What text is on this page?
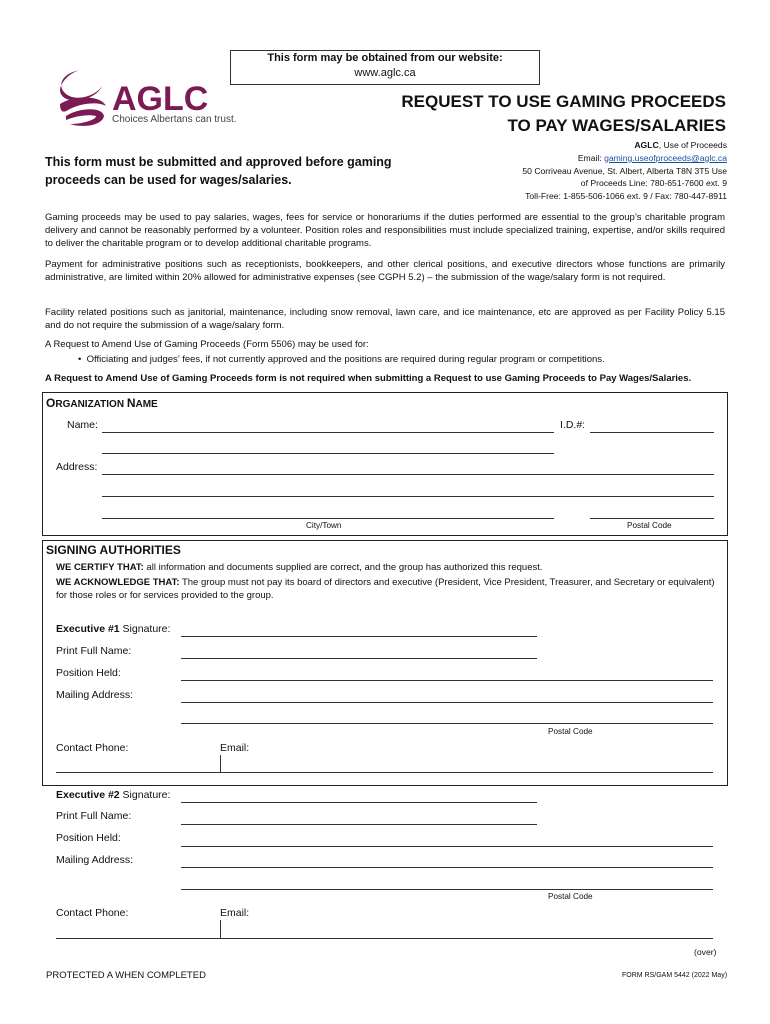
This form may be obtained from our website:
www.aglc.ca
AGLC
Choices Albertans can trust.
REQUEST TO USE GAMING PROCEEDS
TO PAY WAGES/SALARIES
AGLC, Use of Proceeds
Email: gaming.useofproceeds@aglc.ca
50 Corriveau Avenue, St. Albert, Alberta T8N 3T5 Use
of Proceeds Line: 780-651-7600 ext. 9
Toll-Free: 1-855-506-1066 ext. 9 / Fax: 780-447-8911
This form must be submitted and approved before gaming proceeds can be used for wages/salaries.
Gaming proceeds may be used to pay salaries, wages, fees for service or honorariums if the duties performed are essential to the group’s charitable program delivery and cannot be reasonably performed by a volunteer. Position roles and responsibilities must include specialized training, expertise, and/or skills required to deliver the charitable program or to develop additional charitable programs.
Payment for administrative positions such as receptionists, bookkeepers, and other clerical positions, and executive directors whose functions are primarily administrative, are limited within 20% allowed for administrative expenses (see CGPH 5.2) – the submission of the wage/salary form is not required.
Facility related positions such as janitorial, maintenance, including snow removal, lawn care, and ice maintenance, etc are approved as per Facility Policy 5.15 and do not require the submission of a wage/salary form.
A Request to Amend Use of Gaming Proceeds (Form 5506) may be used for:
•  Officiating and judges’ fees, if not currently approved and the positions are required during regular program or competitions.
A Request to Amend Use of Gaming Proceeds form is not required when submitting a Request to use Gaming Proceeds to Pay Wages/Salaries.
ORGANIZATION NAME
Name:	I.D.#:
Address:
City/Town	Postal Code
SIGNING AUTHORITIES
WE CERTIFY THAT: all information and documents supplied are correct, and the group has authorized this request.
WE ACKNOWLEDGE THAT: The group must not pay its board of directors and executive (President, Vice President, Treasurer, and Secretary or equivalent) for those roles or for services provided to the group.
Executive #1 Signature:
Print Full Name:
Position Held:
Mailing Address:
Postal Code
Contact Phone:	Email:
Executive #2 Signature:
Print Full Name:
Position Held:
Mailing Address:
Postal Code
Contact Phone:	Email:
(over)
PROTECTED A WHEN COMPLETED	FORM RS/GAM 5442 (2022 May)
